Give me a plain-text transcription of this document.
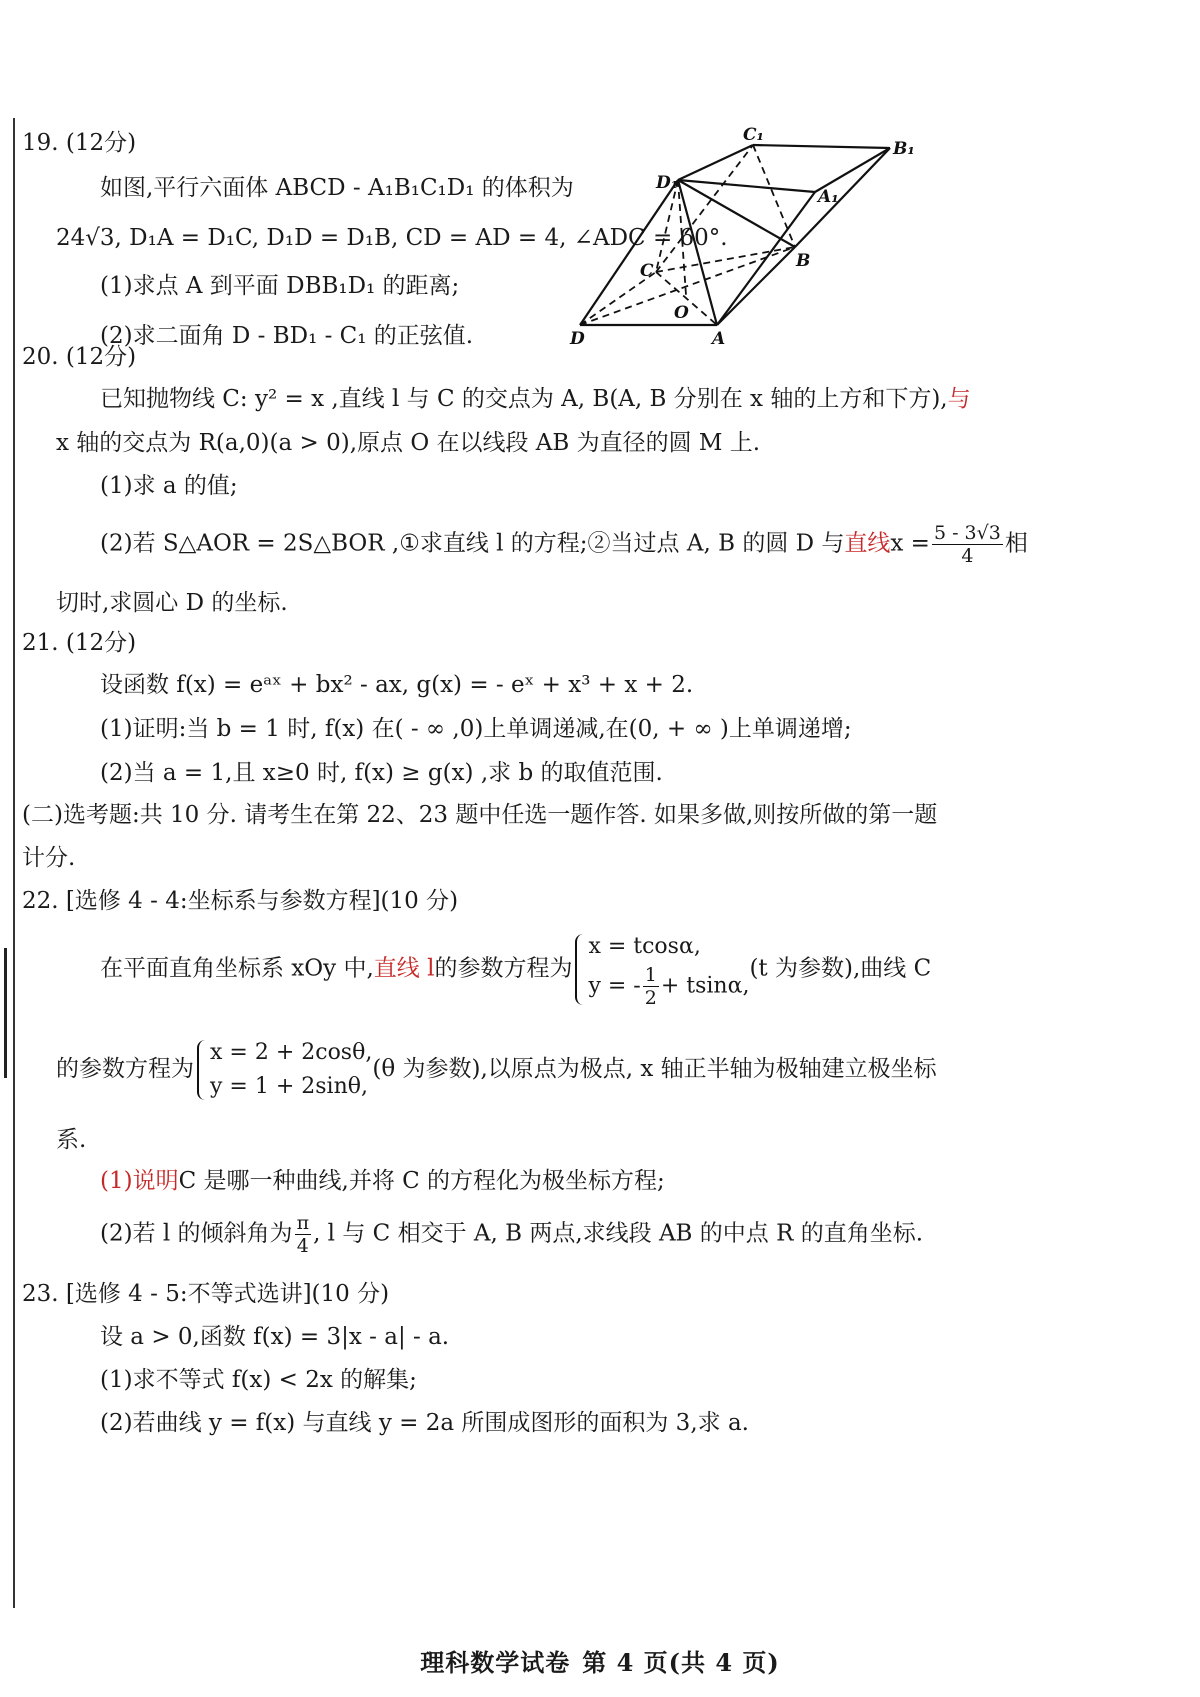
19. (12分)
如图,平行六面体 ABCD - A₁B₁C₁D₁ 的体积为
24√3, D₁A = D₁C, D₁D = D₁B, CD = AD = 4, ∠ADC = 60°.
(1)求点 A 到平面 DBB₁D₁ 的距离;
(2)求二面角 D - BD₁ - C₁ 的正弦值.
C₁
B₁
D₁
A₁
C	B
O
D	A
20. (12分)
已知抛物线 C: y² = x ,直线 l 与 C 的交点为 A, B(A, B 分别在 x 轴的上方和下方),与
x 轴的交点为 R(a,0)(a > 0),原点 O 在以线段 AB 为直径的圆 M 上.
(1)求 a 的值;
(2)若 S△AOR = 2S△BOR ,①求直线 l 的方程;②当过点 A, B 的圆 D 与直线$x = \frac{5 - 3√3}{4}$ 相
切时,求圆心 D 的坐标.
21. (12分)
设函数 f(x) = eᵃˣ + bx² - ax, g(x) = - eˣ + x³ + x + 2.
(1)证明:当 b = 1 时, f(x) 在( - ∞ ,0)上单调递减,在(0, + ∞ )上单调递增;
(2)当 a = 1,且 x≥0 时, f(x) ≥ g(x) ,求 b 的取值范围.
(二)选考题:共 10 分. 请考生在第 22、23 题中任选一题作答. 如果多做,则按所做的第一题
计分.
22. [选修 4 - 4:坐标系与参数方程](10 分)
在平面直角坐标系 xOy 中,直线 l的参数方程为
x = tcosα,
y = - $\frac{1}{2} + tsin\alpha$,
(t 为参数),曲线 C
的参数方程为
x = 2 + 2cosθ,
y = 1 + 2sinθ,
(θ 为参数),以原点为极点, x 轴正半轴为极轴建立极坐标
系.
(1)说明C 是哪一种曲线,并将 C 的方程化为极坐标方程;
(2)若 l 的倾斜角为 $\frac{\pi}{4}$ , l 与 C 相交于 A, B 两点,求线段 AB 的中点 R 的直角坐标.
23. [选修 4 - 5:不等式选讲](10 分)
设 a > 0,函数 f(x) = 3|x - a| - a.
(1)求不等式 f(x) < 2x 的解集;
(2)若曲线 y = f(x) 与直线 y = 2a 所围成图形的面积为 3,求 a.
理科数学试卷 第 4 页(共 4 页)
